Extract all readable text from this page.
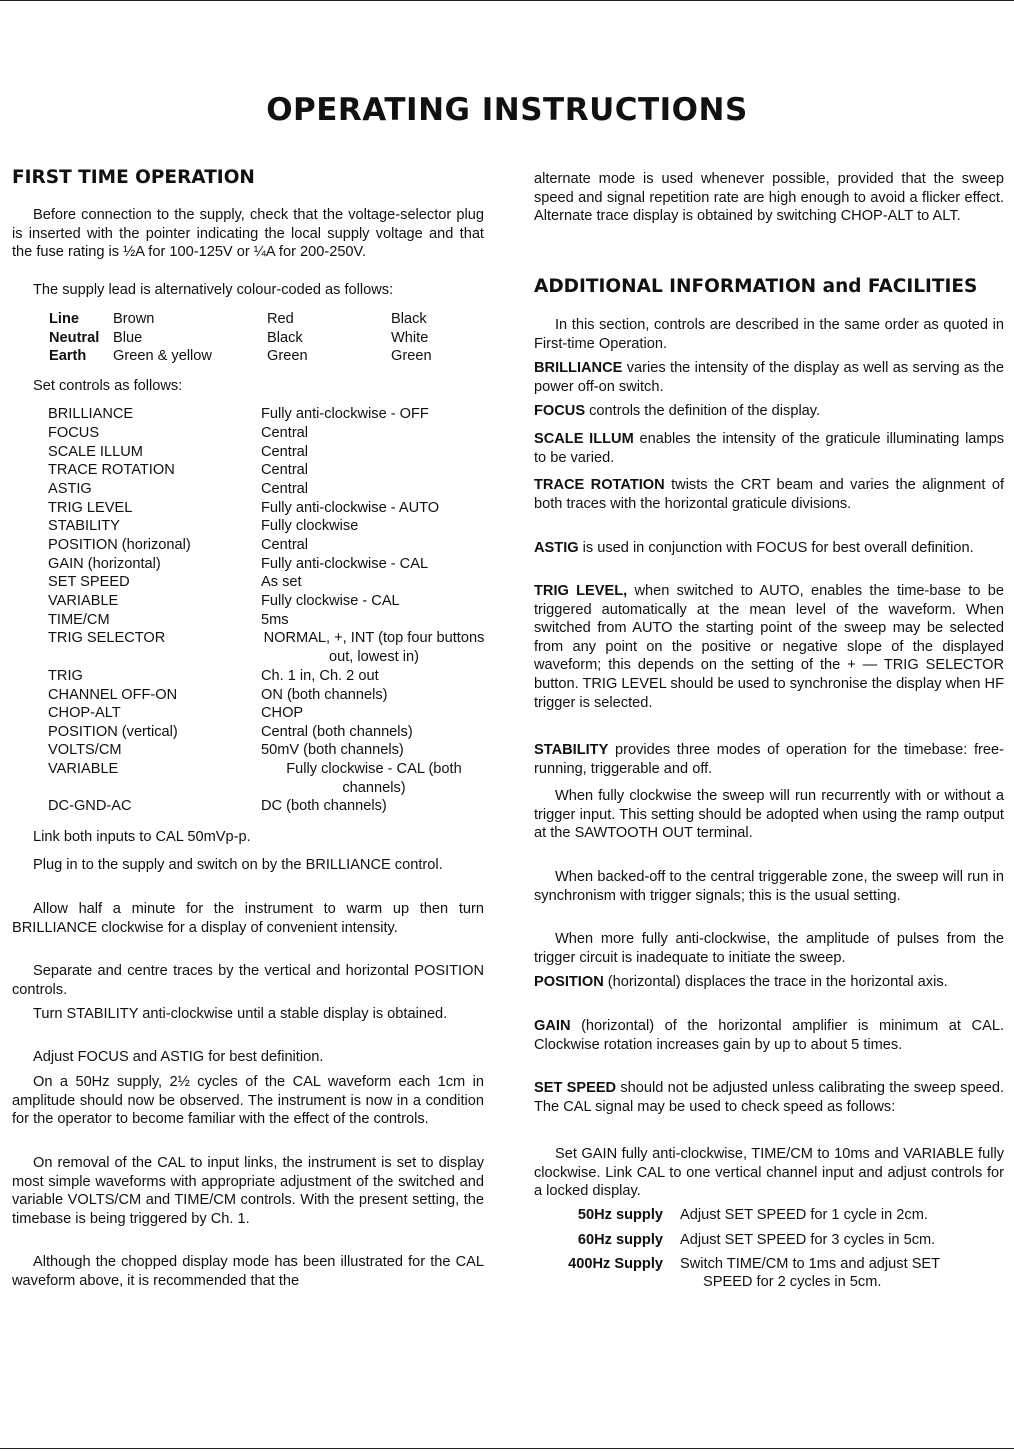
OPERATING INSTRUCTIONS
FIRST TIME OPERATION
Before connection to the supply, check that the voltage-selector plug is inserted with the pointer indicating the local supply voltage and that the fuse rating is ½A for 100-125V or ¼A for 200-250V.
The supply lead is alternatively colour-coded as follows:
Line Brown	Red	Black
Neutral Blue	Black	White
Earth Green & yellow	Green	Green
Set controls as follows:
BRILLIANCE	Fully anti-clockwise - OFF
FOCUS	Central
SCALE ILLUM	Central
TRACE ROTATION	Central
ASTIG	Central
TRIG LEVEL	Fully anti-clockwise - AUTO
STABILITY	Fully clockwise
POSITION (horizonal)	Central
GAIN (horizontal)	Fully anti-clockwise - CAL
SET SPEED	As set
VARIABLE	Fully clockwise - CAL
TIME/CM	5ms
TRIG SELECTOR	NORMAL, +, INT (top four buttons out, lowest in)
TRIG	Ch. 1 in, Ch. 2 out
CHANNEL OFF-ON	ON (both channels)
CHOP-ALT	CHOP
POSITION (vertical)	Central (both channels)
VOLTS/CM	50mV (both channels)
VARIABLE	Fully clockwise - CAL (both channels)
DC-GND-AC	DC (both channels)
Link both inputs to CAL 50mVp-p.
Plug in to the supply and switch on by the BRILLIANCE control.
Allow half a minute for the instrument to warm up then turn BRILLIANCE clockwise for a display of convenient intensity.
Separate and centre traces by the vertical and horizontal POSITION controls.
Turn STABILITY anti-clockwise until a stable display is obtained.
Adjust FOCUS and ASTIG for best definition.
On a 50Hz supply, 2½ cycles of the CAL waveform each 1cm in amplitude should now be observed. The instrument is now in a condition for the operator to become familiar with the effect of the controls.
On removal of the CAL to input links, the instrument is set to display most simple waveforms with appropriate adjustment of the switched and variable VOLTS/CM and TIME/CM controls. With the present setting, the timebase is being triggered by Ch. 1.
Although the chopped display mode has been illustrated for the CAL waveform above, it is recommended that the
alternate mode is used whenever possible, provided that the sweep speed and signal repetition rate are high enough to avoid a flicker effect. Alternate trace display is obtained by switching CHOP-ALT to ALT.
ADDITIONAL INFORMATION and FACILITIES
In this section, controls are described in the same order as quoted in First-time Operation.
BRILLIANCE varies the intensity of the display as well as serving as the power off-on switch.
FOCUS controls the definition of the display.
SCALE ILLUM enables the intensity of the graticule illuminating lamps to be varied.
TRACE ROTATION twists the CRT beam and varies the alignment of both traces with the horizontal graticule divisions.
ASTIG is used in conjunction with FOCUS for best overall definition.
TRIG LEVEL, when switched to AUTO, enables the time-base to be triggered automatically at the mean level of the waveform. When switched from AUTO the starting point of the sweep may be selected from any point on the positive or negative slope of the displayed waveform; this depends on the setting of the + — TRIG SELECTOR button. TRIG LEVEL should be used to synchronise the display when HF trigger is selected.
STABILITY provides three modes of operation for the timebase: free-running, triggerable and off.
When fully clockwise the sweep will run recurrently with or without a trigger input. This setting should be adopted when using the ramp output at the SAWTOOTH OUT terminal.
When backed-off to the central triggerable zone, the sweep will run in synchronism with trigger signals; this is the usual setting.
When more fully anti-clockwise, the amplitude of pulses from the trigger circuit is inadequate to initiate the sweep.
POSITION (horizontal) displaces the trace in the horizontal axis.
GAIN (horizontal) of the horizontal amplifier is minimum at CAL. Clockwise rotation increases gain by up to about 5 times.
SET SPEED should not be adjusted unless calibrating the sweep speed. The CAL signal may be used to check speed as follows:
Set GAIN fully anti-clockwise, TIME/CM to 10ms and VARIABLE fully clockwise. Link CAL to one vertical channel input and adjust controls for a locked display.
50Hz supply Adjust SET SPEED for 1 cycle in 2cm.
60Hz supply Adjust SET SPEED for 3 cycles in 5cm.
400Hz Supply Switch TIME/CM to 1ms and adjust SET
SPEED for 2 cycles in 5cm.
